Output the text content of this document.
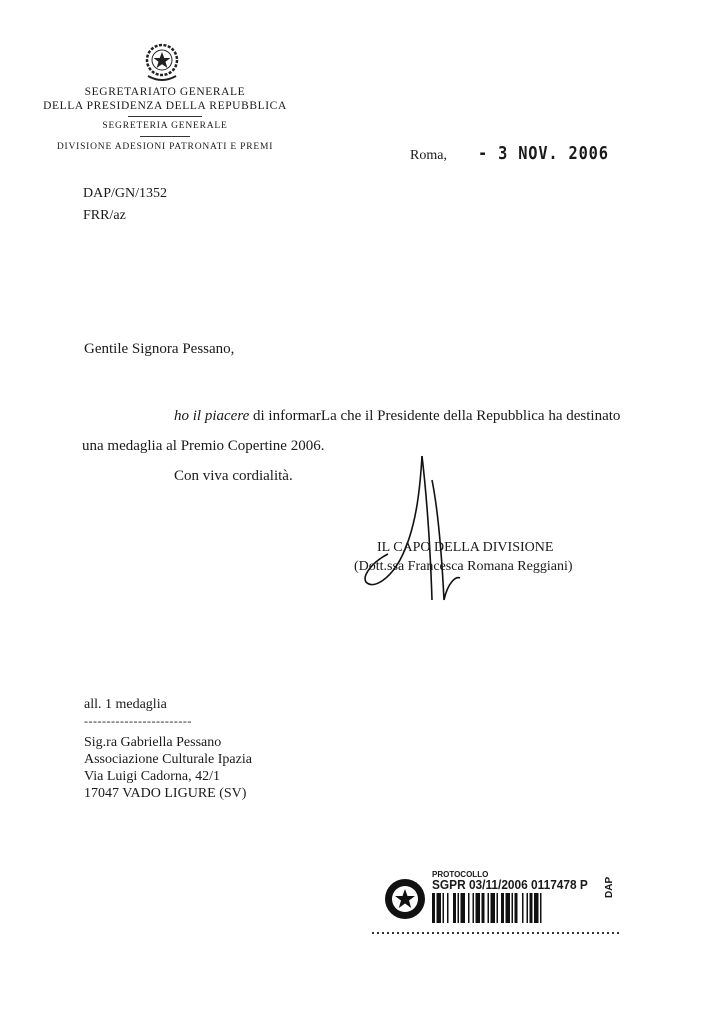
SEGRETARIATO GENERALE
DELLA PRESIDENZA DELLA REPUBBLICA
SEGRETERIA GENERALE
DIVISIONE ADESIONI PATRONATI E PREMI
Roma, - 3 NOV. 2006
DAP/GN/1352
FRR/az
Gentile Signora Pessano,
ho il piacere di informarLa che il Presidente della Repubblica ha destinato
una medaglia al Premio Copertine 2006.
Con viva cordialità.
IL CAPO DELLA DIVISIONE
(Dott.ssa Francesca Romana Reggiani)
all. 1 medaglia
------------------------
Sig.ra Gabriella Pessano
Associazione Culturale Ipazia
Via Luigi Cadorna, 42/1
17047 VADO LIGURE (SV)
PROTOCOLLO
SGPR 03/11/2006 0117478 P DAP
